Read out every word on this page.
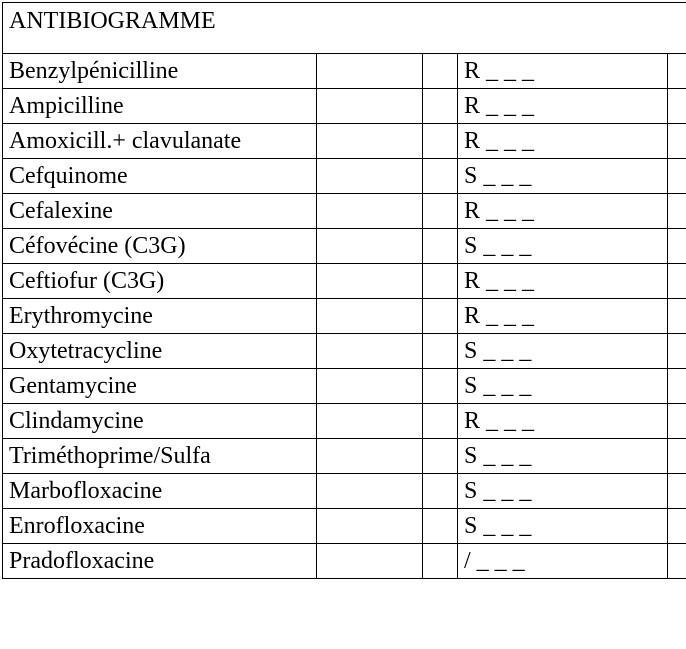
ANTIBIOGRAMME				
Benzylpénicilline			R _ _ _	
Ampicilline			R _ _ _	
Amoxicill.+ clavulanate			R _ _ _	
Cefquinome			S _ _ _	
Cefalexine			R _ _ _	
Céfovécine (C3G)			S _ _ _	
Ceftiofur (C3G)			R _ _ _	
Erythromycine			R _ _ _	
Oxytetracycline			S _ _ _	
Gentamycine			S _ _ _	
Clindamycine			R _ _ _	
Triméthoprime/Sulfa			S _ _ _	
Marbofloxacine			S _ _ _	
Enrofloxacine			S _ _ _	
Pradofloxacine			/ _ _ _	
